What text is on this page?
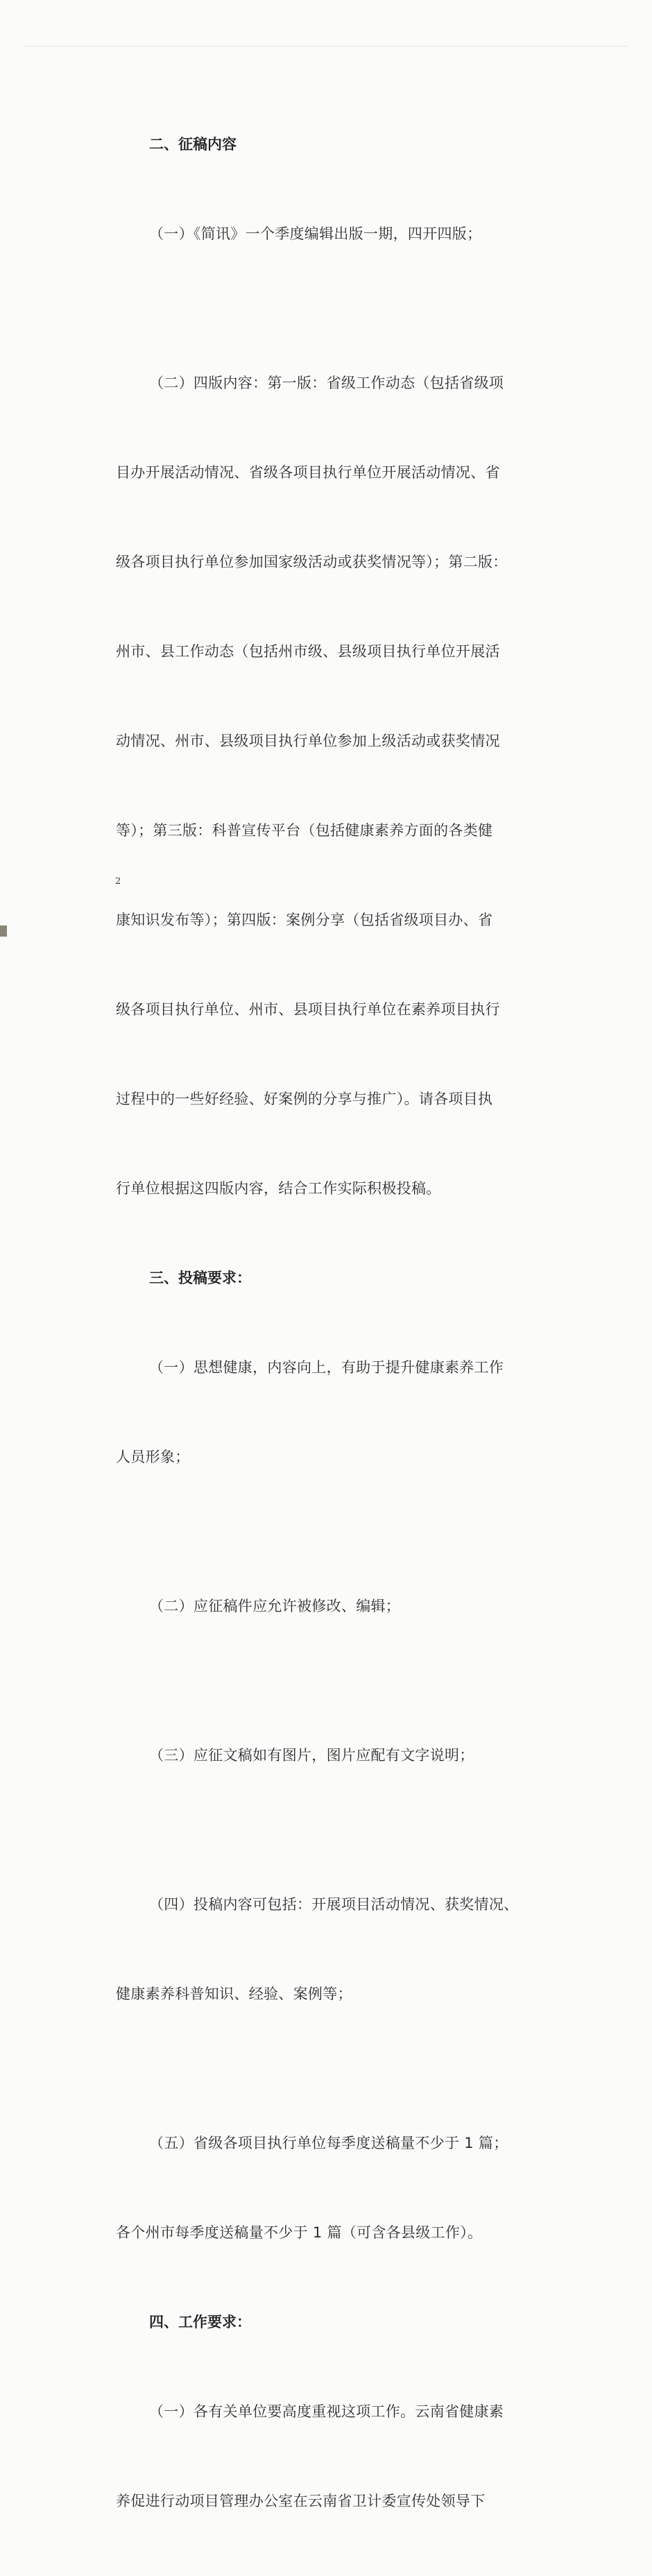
二、征稿内容

（一）《简讯》一个季度编辑出版一期，四开四版；

（二）四版内容：第一版：省级工作动态（包括省级项

目办开展活动情况、省级各项目执行单位开展活动情况、省

级各项目执行单位参加国家级活动或获奖情况等）；第二版：

州市、县工作动态（包括州市级、县级项目执行单位开展活

动情况、州市、县级项目执行单位参加上级活动或获奖情况

等）；第三版：科普宣传平台（包括健康素养方面的各类健

康知识发布等）；第四版：案例分享（包括省级项目办、省

级各项目执行单位、州市、县项目执行单位在素养项目执行

过程中的一些好经验、好案例的分享与推广）。请各项目执

行单位根据这四版内容，结合工作实际积极投稿。

三、投稿要求：

（一）思想健康，内容向上，有助于提升健康素养工作

人员形象；

（二）应征稿件应允许被修改、编辑；

（三）应征文稿如有图片，图片应配有文字说明；

（四）投稿内容可包括：开展项目活动情况、获奖情况、

健康素养科普知识、经验、案例等；

（五）省级各项目执行单位每季度送稿量不少于 1 篇；

各个州市每季度送稿量不少于 1 篇（可含各县级工作）。

四、工作要求：

（一）各有关单位要高度重视这项工作。云南省健康素

养促进行动项目管理办公室在云南省卫计委宣传处领导下

2
